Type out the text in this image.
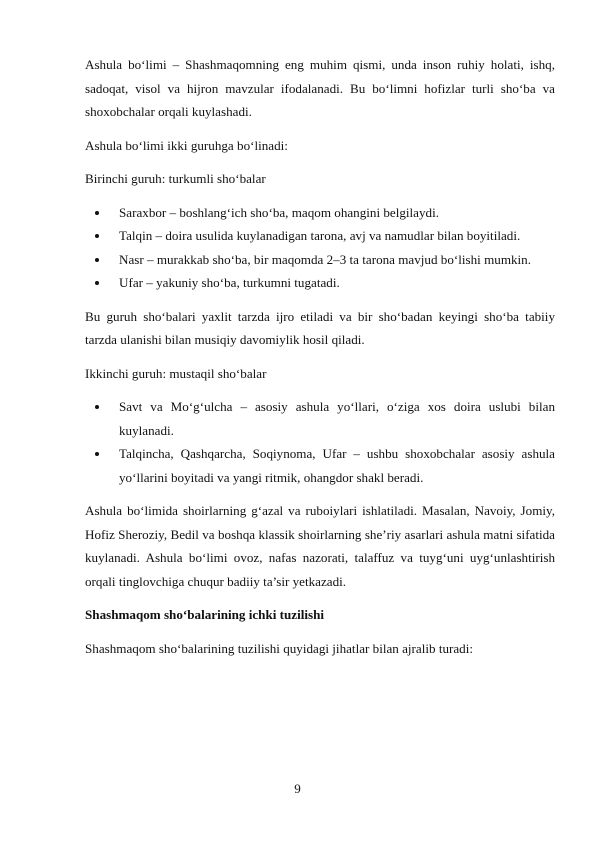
Ashula bo‘limi – Shashmaqomning eng muhim qismi, unda inson ruhiy holati, ishq, sadoqat, visol va hijron mavzular ifodalanadi. Bu bo‘limni hofizlar turli sho‘ba va shoxobchalar orqali kuylashadi.

Ashula bo‘limi ikki guruhga bo‘linadi:

Birinchi guruh: turkumli sho‘balar

Saraxbor – boshlang‘ich sho‘ba, maqom ohangini belgilaydi.
Talqin – doira usulida kuylanadigan tarona, avj va namudlar bilan boyitiladi.
Nasr – murakkab sho‘ba, bir maqomda 2–3 ta tarona mavjud bo‘lishi mumkin.
Ufar – yakuniy sho‘ba, turkumni tugatadi.

Bu guruh sho‘balari yaxlit tarzda ijro etiladi va bir sho‘badan keyingi sho‘ba tabiiy tarzda ulanishi bilan musiqiy davomiylik hosil qiladi.

Ikkinchi guruh: mustaqil sho‘balar

Savt va Mo‘g‘ulcha – asosiy ashula yo‘llari, o‘ziga xos doira uslubi bilan kuylanadi.
Talqincha, Qashqarcha, Soqiynoma, Ufar – ushbu shoxobchalar asosiy ashula yo‘llarini boyitadi va yangi ritmik, ohangdor shakl beradi.

Ashula bo‘limida shoirlarning g‘azal va ruboiylari ishlatiladi. Masalan, Navoiy, Jomiy, Hofiz Sheroziy, Bedil va boshqa klassik shoirlarning she’riy asarlari ashula matni sifatida kuylanadi. Ashula bo‘limi ovoz, nafas nazorati, talaffuz va tuyg‘uni uyg‘unlashtirish orqali tinglovchiga chuqur badiiy ta’sir yetkazadi.

Shashmaqom sho‘balarining ichki tuzilishi

Shashmaqom sho‘balarining tuzilishi quyidagi jihatlar bilan ajralib turadi:

9
